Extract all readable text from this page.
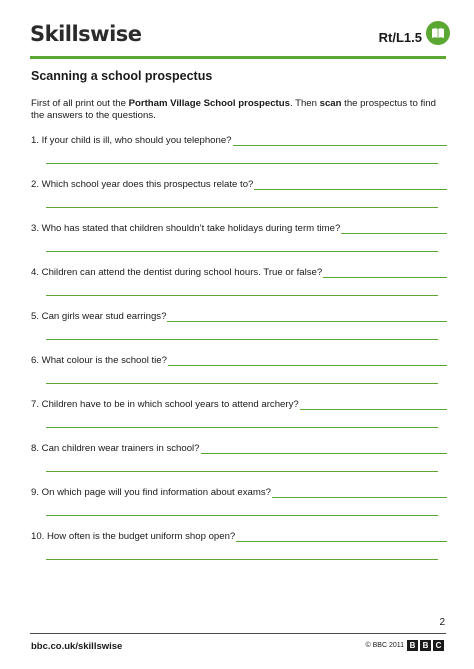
Skillswise	Rt/L1.5
Scanning a school prospectus
First of all print out the Portham Village School prospectus. Then scan the prospectus to find the answers to the questions.
1. If your child is ill, who should you telephone?
2. Which school year does this prospectus relate to?
3. Who has stated that children shouldn’t take holidays during term time?
4. Children can attend the dentist during school hours. True or false?
5. Can girls wear stud earrings?
6. What colour is the school tie?
7. Children have to be in which school years to attend archery?
8. Can children wear trainers in school?
9. On which page will you find information about exams?
10. How often is the budget uniform shop open?
2
bbc.co.uk/skillswise	© BBC 2011 B B C
